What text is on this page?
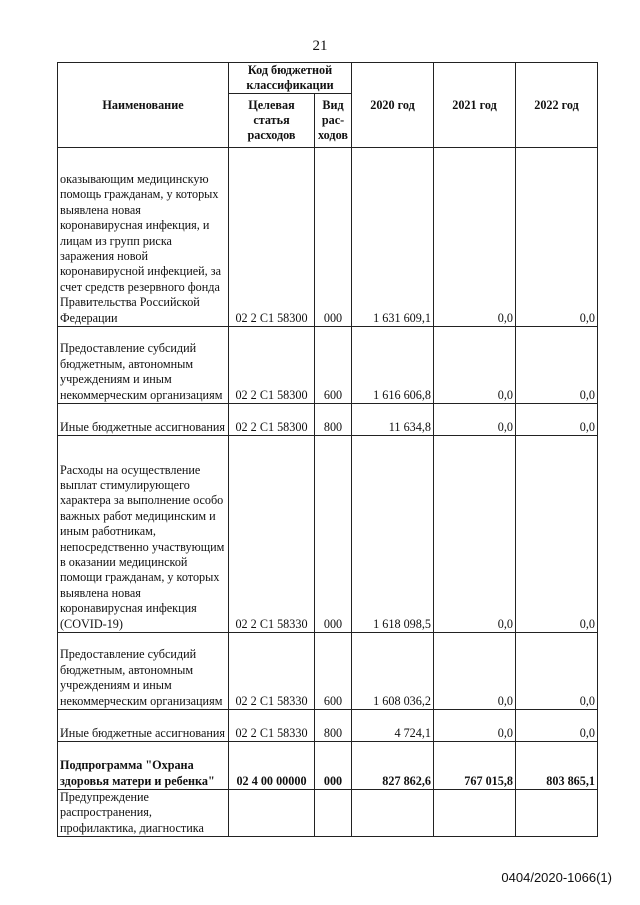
21
Наименование	Код бюджетной классификации		2020 год	2021 год	2022 год
	Целевая статья расходов	Вид рас-ходов			
оказывающим медицинскую помощь гражданам, у которых выявлена новая коронавирусная инфекция, и лицам из групп риска заражения новой коронавирусной инфекцией, за счет средств резервного фонда Правительства Российской Федерации	02 2 С1 58300	000	1 631 609,1	0,0	0,0
Предоставление субсидий бюджетным, автономным учреждениям и иным некоммерческим организациям	02 2 С1 58300	600	1 616 606,8	0,0	0,0
Иные бюджетные ассигнования	02 2 С1 58300	800	11 634,8	0,0	0,0
Расходы на осуществление выплат стимулирующего характера за выполнение особо важных работ медицинским и иным работникам, непосредственно участвующим в оказании медицинской помощи гражданам, у которых выявлена новая коронавирусная инфекция (COVID-19)	02 2 С1 58330	000	1 618 098,5	0,0	0,0
Предоставление субсидий бюджетным, автономным учреждениям и иным некоммерческим организациям	02 2 С1 58330	600	1 608 036,2	0,0	0,0
Иные бюджетные ассигнования	02 2 С1 58330	800	4 724,1	0,0	0,0
Подпрограмма "Охрана здоровья матери и ребенка"	02 4 00 00000	000	827 862,6	767 015,8	803 865,1
Предупреждение распространения, профилактика, диагностика					
0404/2020-1066(1)
